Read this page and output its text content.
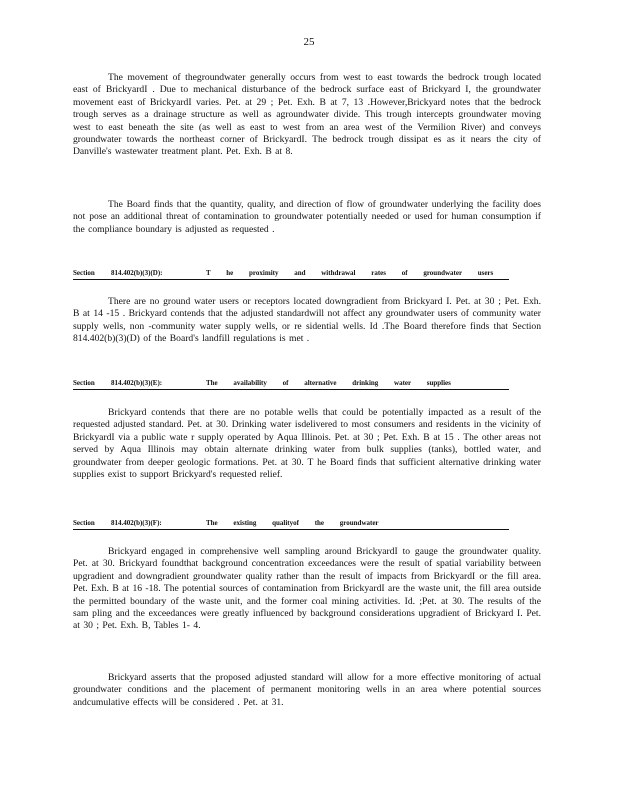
25

The movement of thegroundwater generally occurs from west to east towards the bedrock trough located east of BrickyardI . Due to mechanical disturbance of the bedrock surface east of Brickyard I, the groundwater movement east of BrickyardI varies. Pet. at 29 ; Pet. Exh. B at 7, 13 .However,Brickyard notes that the bedrock trough serves as a drainage structure as well as agroundwater divide. This trough intercepts groundwater moving west to east beneath the site (as well as east to west from an area west of the Vermilion River) and conveys groundwater towards the northeast corner of BrickyardI. The bedrock trough dissipat es as it nears the city of Danville's wastewater treatment plant. Pet. Exh. B at 8.

The Board finds that the quantity, quality, and direction of flow of groundwater underlying the facility does not pose an additional threat of contamination to groundwater potentially needed or used for human consumption if the compliance boundary is adjusted as requested .

Section 814.402(b)(3)(D):	T he proximity and withdrawal rates of groundwater users

There are no ground water users or receptors located downgradient from Brickyard I. Pet. at 30 ; Pet. Exh. B at 14 -15 . Brickyard contends that the adjusted standardwill not affect any groundwater users of community water supply wells, non -community water supply wells, or re sidential wells. Id .The Board therefore finds that Section 814.402(b)(3)(D) of the Board's landfill regulations is met .

Section 814.402(b)(3)(E):	The availability of alternative drinking water supplies

Brickyard contends that there are no potable wells that could be potentially impacted as a result of the requested adjusted standard. Pet. at 30. Drinking water isdelivered to most consumers and residents in the vicinity of BrickyardI via a public wate r supply operated by Aqua Illinois. Pet. at 30 ; Pet. Exh. B at 15 . The other areas not served by Aqua Illinois may obtain alternate drinking water from bulk supplies (tanks), bottled water, and groundwater from deeper geologic formations. Pet. at 30. T he Board finds that sufficient alternative drinking water supplies exist to support Brickyard's requested relief.

Section 814.402(b)(3)(F):	The existing qualityof the groundwater

Brickyard engaged in comprehensive well sampling around BrickyardI to gauge the groundwater quality. Pet. at 30. Brickyard foundthat background concentration exceedances were the result of spatial variability between upgradient and downgradient groundwater quality rather than the result of impacts from BrickyardI or the fill area. Pet. Exh. B at 16 -18. The potential sources of contamination from BrickyardI are the waste unit, the fill area outside the permitted boundary of the waste unit, and the former coal mining activities. Id. ;Pet. at 30. The results of the sam pling and the exceedances were greatly influenced by background considerations upgradient of Brickyard I. Pet. at 30 ; Pet. Exh. B, Tables 1- 4.

Brickyard asserts that the proposed adjusted standard will allow for a more effective monitoring of actual groundwater conditions and the placement of permanent monitoring wells in an area where potential sources andcumulative effects will be considered . Pet. at 31.
